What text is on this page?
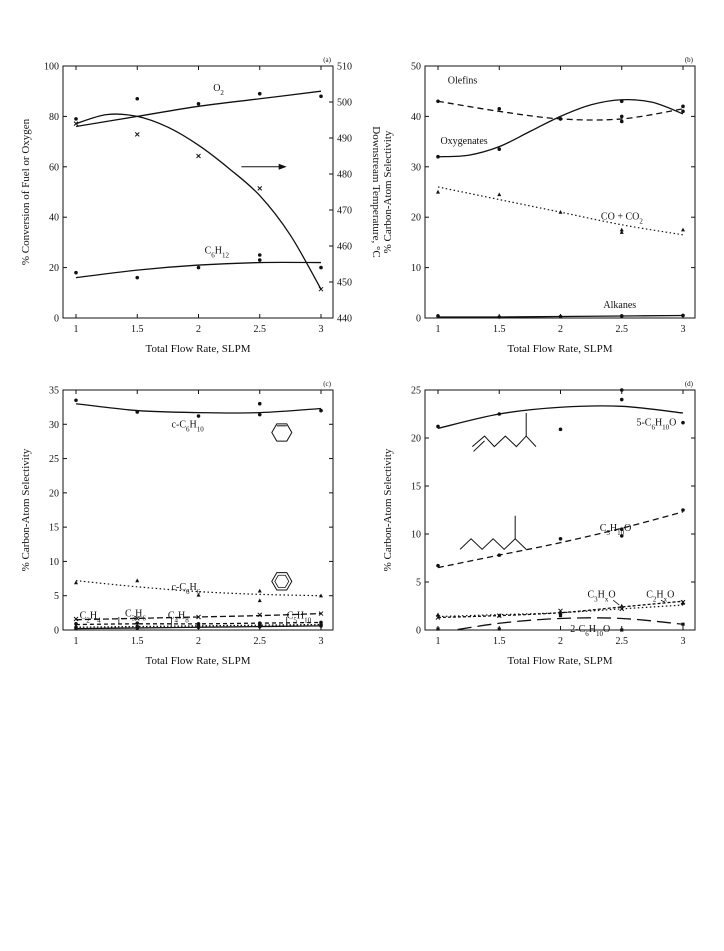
(a)
1	1.5	2	2.5	3
0
20
40
60
80
100
440
450
460
470
480
490
500
510
Downstream Temperature, °C
Total Flow Rate, SLPM
% Conversion of Fuel or Oxygen
$O_2$
$C_6H_{12}$
(b)
1	1.5	2	2.5	3
0
10
20
30
40
50
Total Flow Rate, SLPM
% Carbon-Atom Selectivity
Olefins
Oxygenates
CO + $CO_2$
Alkanes
(c)
1	1.5	2	2.5	3
0
5
10
15
20
25
30
35
Total Flow Rate, SLPM
% Carbon-Atom Selectivity
$c-C_6H_{10}$
$c-C_6H_6$
$C_2H_4$
$C_3H_6$ $C_4H_8$	$C_5H_{10}$
(d)
1	1.5	2	2.5	3
0
5
10
15
20
25
Total Flow Rate, SLPM
% Carbon-Atom Selectivity
$5-C_6H_{10}O$
$C_5H_{10}O$
$C_3H_xO$	$C_2H_xO$
$2-C_6H_{10}O$
